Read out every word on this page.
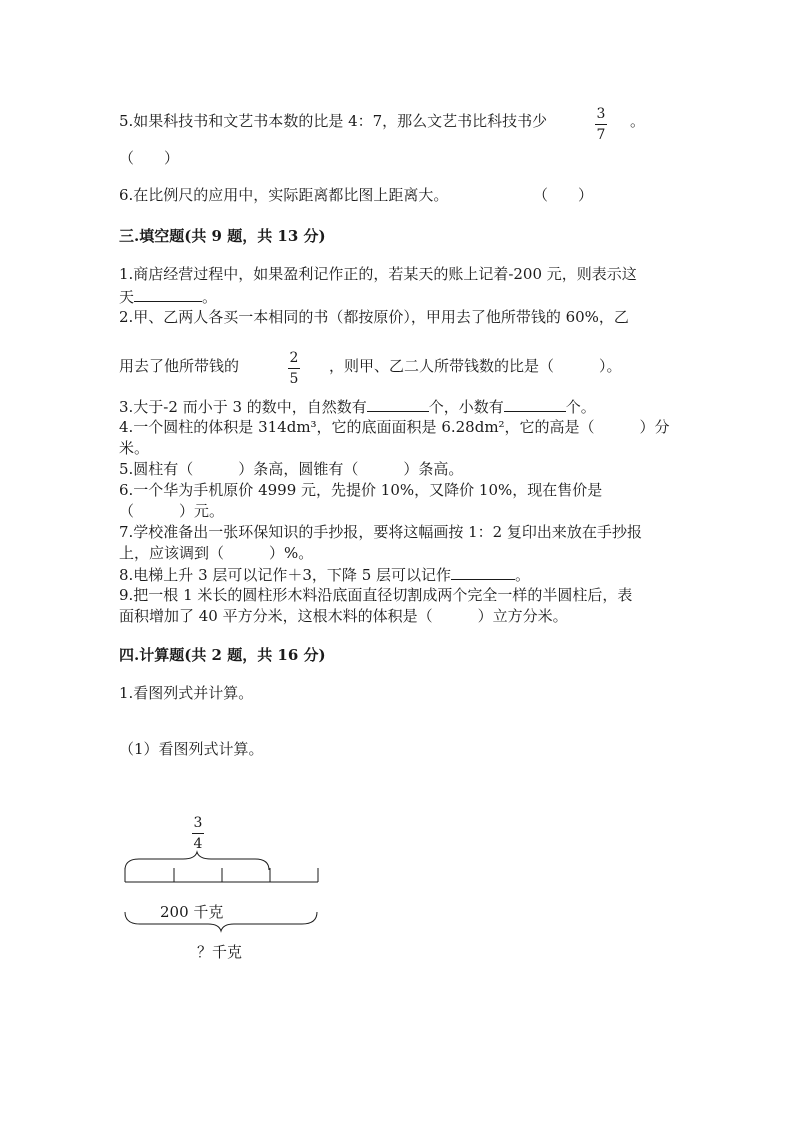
5.如果科技书和文艺书本数的比是 4：7，那么文艺书比科技书少	3
7
。
（　　）
6.在比例尺的应用中，实际距离都比图上距离大。	（　　）
三.填空题(共 9 题，共 13 分)
1.商店经营过程中，如果盈利记作正的，若某天的账上记着-200 元，则表示这
天	。
2.甲、乙两人各买一本相同的书（都按原价），甲用去了他所带钱的 60%，乙
用去了他所带钱的	2
5
，则甲、乙二人所带钱数的比是（　　　）。
3.大于-2 而小于 3 的数中，自然数有	个，小数有	个。
4.一个圆柱的体积是 314dm³，它的底面面积是 6.28dm²，它的高是（　　　）分
米。
5.圆柱有（　　　）条高，圆锥有（　　　）条高。
6.一个华为手机原价 4999 元，先提价 10%，又降价 10%，现在售价是
（　　　）元。
7.学校准备出一张环保知识的手抄报，要将这幅画按 1：2 复印出来放在手抄报
上，应该调到（　　　）%。
8.电梯上升 3 层可以记作＋3，下降 5 层可以记作	。
9.把一根 1 米长的圆柱形木料沿底面直径切割成两个完全一样的半圆柱后，表
面积增加了 40 平方分米，这根木料的体积是（　　　）立方分米。
四.计算题(共 2 题，共 16 分)
1.看图列式并计算。
（1）看图列式计算。
3
4
200 千克
？千克
